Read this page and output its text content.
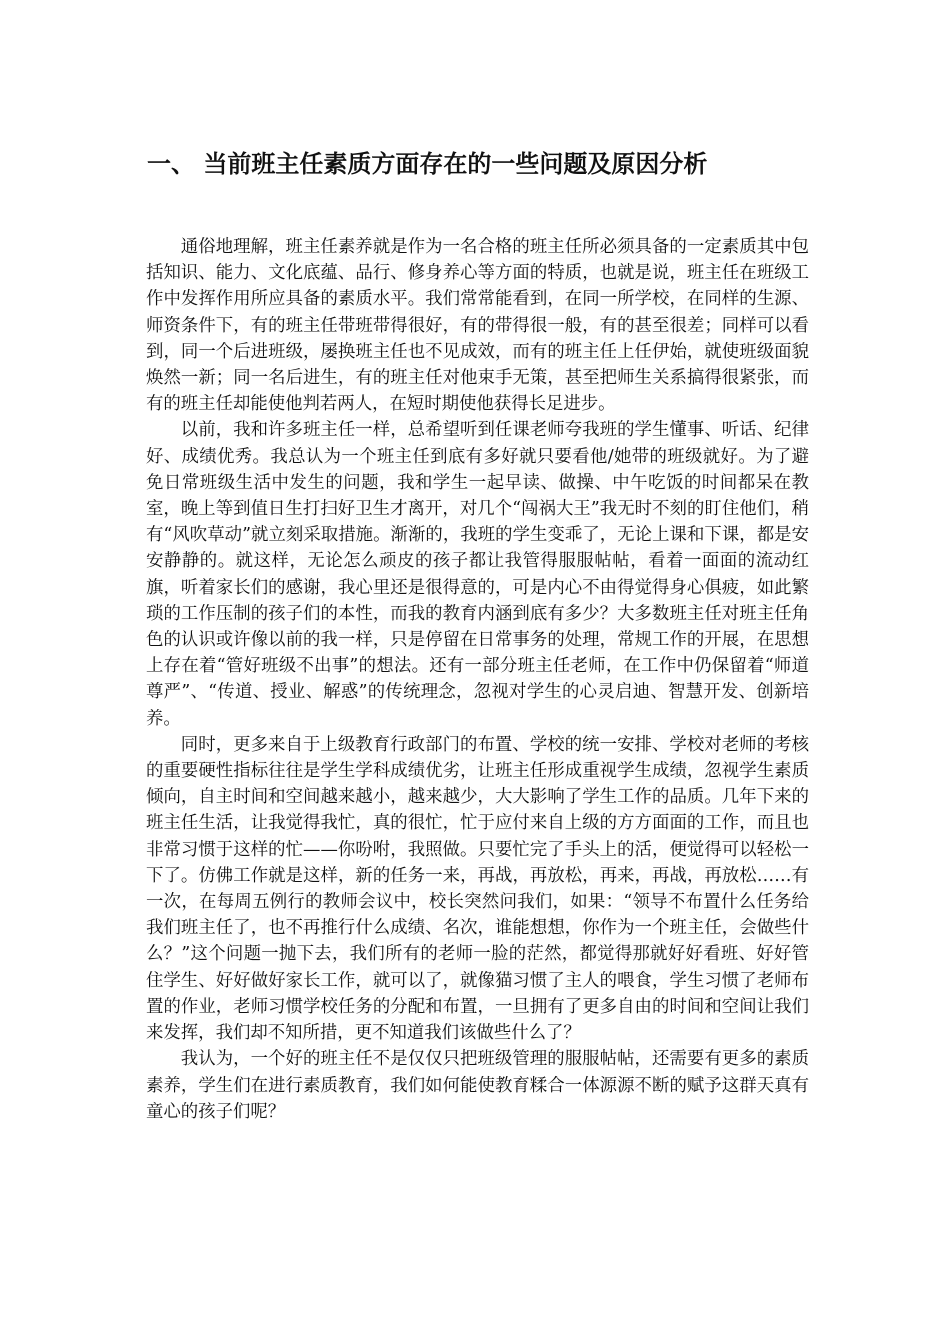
一、 当前班主任素质方面存在的一些问题及原因分析

通俗地理解，班主任素养就是作为一名合格的班主任所必须具备的一定素质其中包括知识、能力、文化底蕴、品行、修身养心等方面的特质，也就是说，班主任在班级工作中发挥作用所应具备的素质水平。我们常常能看到，在同一所学校，在同样的生源、师资条件下，有的班主任带班带得很好，有的带得很一般，有的甚至很差；同样可以看到，同一个后进班级，屡换班主任也不见成效，而有的班主任上任伊始，就使班级面貌焕然一新；同一名后进生，有的班主任对他束手无策，甚至把师生关系搞得很紧张，而有的班主任却能使他判若两人，在短时期使他获得长足进步。

以前，我和许多班主任一样，总希望听到任课老师夸我班的学生懂事、听话、纪律好、成绩优秀。我总认为一个班主任到底有多好就只要看他/她带的班级就好。为了避免日常班级生活中发生的问题，我和学生一起早读、做操、中午吃饭的时间都呆在教室，晚上等到值日生打扫好卫生才离开，对几个“闯祸大王”我无时不刻的盯住他们，稍有“风吹草动”就立刻采取措施。渐渐的，我班的学生变乖了，无论上课和下课，都是安安静静的。就这样，无论怎么顽皮的孩子都让我管得服服帖帖，看着一面面的流动红旗，听着家长们的感谢，我心里还是很得意的，可是内心不由得觉得身心俱疲，如此繁琐的工作压制的孩子们的本性，而我的教育内涵到底有多少？大多数班主任对班主任角色的认识或许像以前的我一样，只是停留在日常事务的处理，常规工作的开展，在思想上存在着“管好班级不出事”的想法。还有一部分班主任老师，在工作中仍保留着“师道尊严”、“传道、授业、解惑”的传统理念，忽视对学生的心灵启迪、智慧开发、创新培养。

同时，更多来自于上级教育行政部门的布置、学校的统一安排、学校对老师的考核的重要硬性指标往往是学生学科成绩优劣，让班主任形成重视学生成绩，忽视学生素质倾向，自主时间和空间越来越小，越来越少，大大影响了学生工作的品质。几年下来的班主任生活，让我觉得我忙，真的很忙，忙于应付来自上级的方方面面的工作，而且也非常习惯于这样的忙——你吩咐，我照做。只要忙完了手头上的活，便觉得可以轻松一下了。仿佛工作就是这样，新的任务一来，再战，再放松，再来，再战，再放松……有一次，在每周五例行的教师会议中，校长突然问我们，如果：“领导不布置什么任务给我们班主任了，也不再推行什么成绩、名次，谁能想想，你作为一个班主任，会做些什么？”这个问题一抛下去，我们所有的老师一脸的茫然，都觉得那就好好看班、好好管住学生、好好做好家长工作，就可以了，就像猫习惯了主人的喂食，学生习惯了老师布置的作业，老师习惯学校任务的分配和布置，一旦拥有了更多自由的时间和空间让我们来发挥，我们却不知所措，更不知道我们该做些什么了？

我认为，一个好的班主任不是仅仅只把班级管理的服服帖帖，还需要有更多的素质素养，学生们在进行素质教育，我们如何能使教育糅合一体源源不断的赋予这群天真有童心的孩子们呢？
